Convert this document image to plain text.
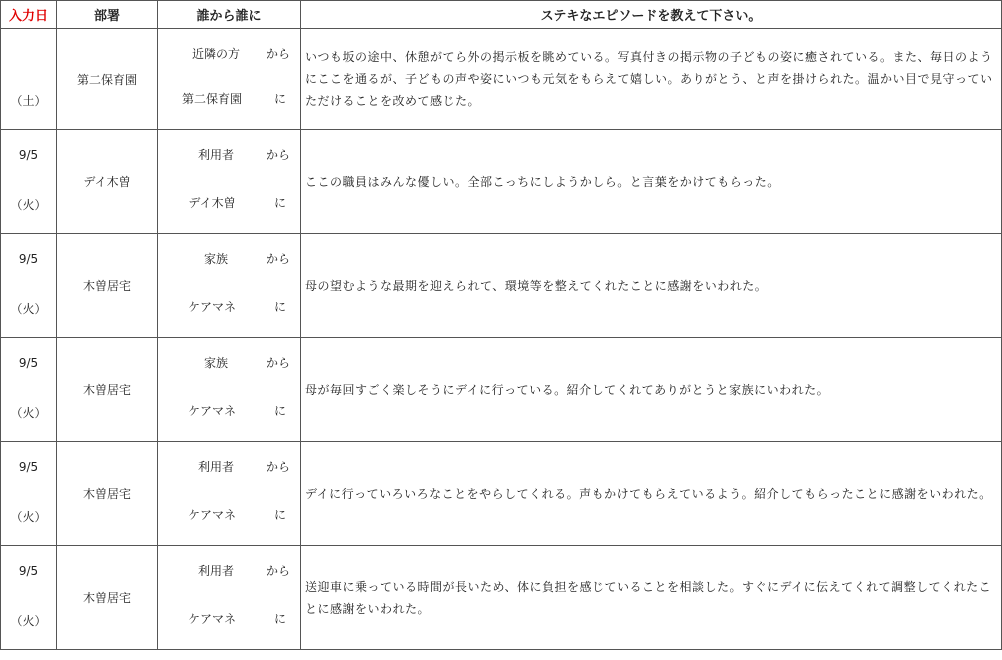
入力日	部署	誰から誰に	ステキなエピソードを教えて下さい。

（土）	第二保育園	近隣の方 から
第二保育園 に	いつも坂の途中、休憩がてら外の掲示板を眺めている。写真付きの掲示物の子どもの姿に癒されている。また、毎日のようにここを通るが、子どもの声や姿にいつも元気をもらえて嬉しい。ありがとう、と声を掛けられた。温かい目で見守っていただけることを改めて感じた。

9/5
（火）	デイ木曽	利用者 から
デイ木曽 に	ここの職員はみんな優しい。全部こっちにしようかしら。と言葉をかけてもらった。

9/5
（火）	木曽居宅	家族 から
ケアマネ に	母の望むような最期を迎えられて、環境等を整えてくれたことに感謝をいわれた。

9/5
（火）	木曽居宅	家族 から
ケアマネ に	母が毎回すごく楽しそうにデイに行っている。紹介してくれてありがとうと家族にいわれた。

9/5
（火）	木曽居宅	利用者 から
ケアマネ に	デイに行っていろいろなことをやらしてくれる。声もかけてもらえているよう。紹介してもらったことに感謝をいわれた。

9/5
（火）	木曽居宅	利用者 から
ケアマネ に	送迎車に乗っている時間が長いため、体に負担を感じていることを相談した。すぐにデイに伝えてくれて調整してくれたことに感謝をいわれた。
